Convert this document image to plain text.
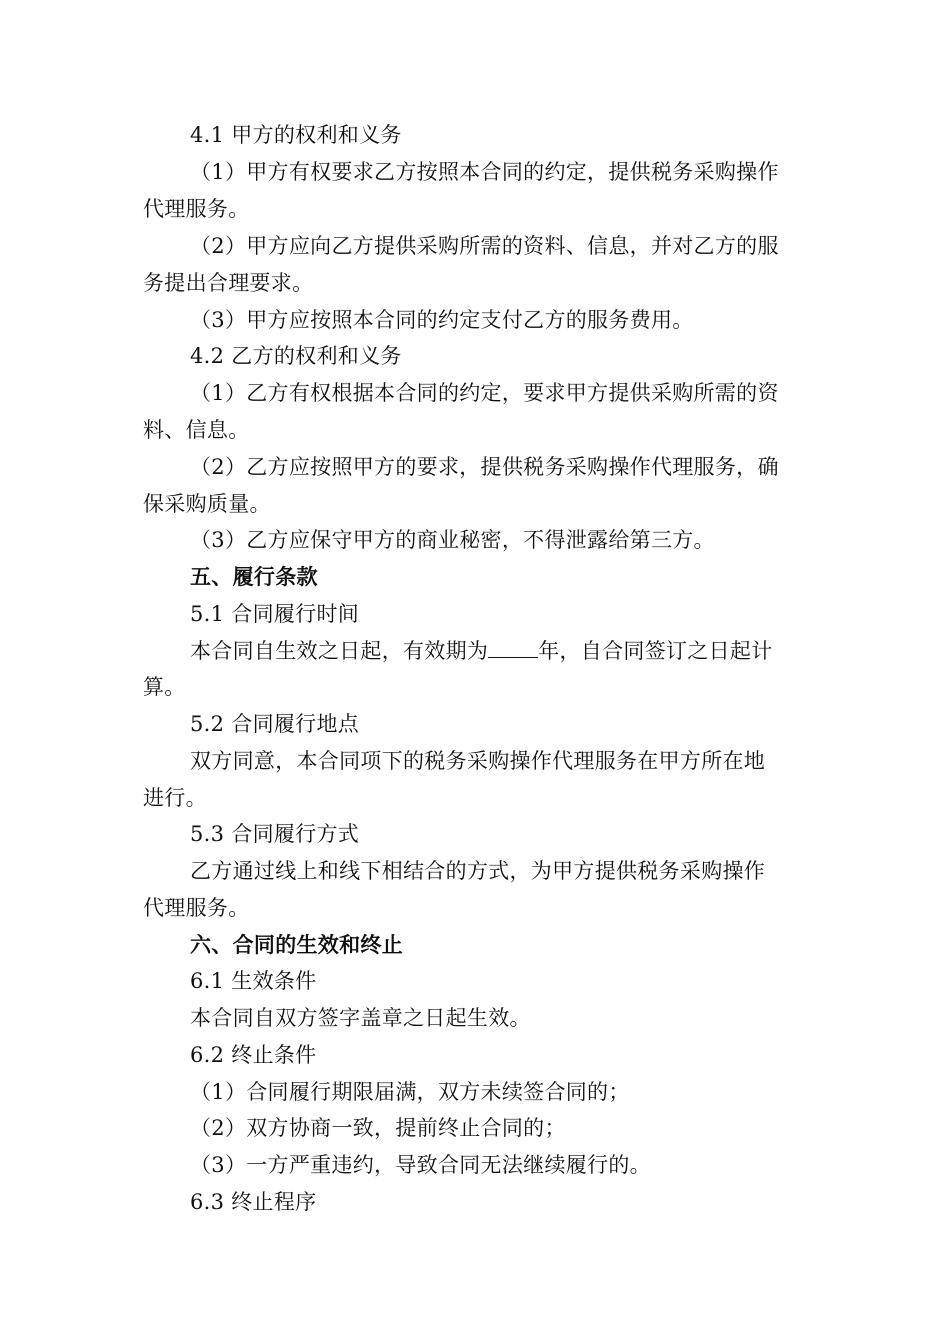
4.1 甲方的权利和义务
（1）甲方有权要求乙方按照本合同的约定，提供税务采购操作
代理服务。
（2）甲方应向乙方提供采购所需的资料、信息，并对乙方的服
务提出合理要求。
（3）甲方应按照本合同的约定支付乙方的服务费用。
4.2 乙方的权利和义务
（1）乙方有权根据本合同的约定，要求甲方提供采购所需的资
料、信息。
（2）乙方应按照甲方的要求，提供税务采购操作代理服务，确
保采购质量。
（3）乙方应保守甲方的商业秘密，不得泄露给第三方。
五、履行条款
5.1 合同履行时间
本合同自生效之日起，有效期为 年，自合同签订之日起计
算。
5.2 合同履行地点
双方同意，本合同项下的税务采购操作代理服务在甲方所在地
进行。
5.3 合同履行方式
乙方通过线上和线下相结合的方式，为甲方提供税务采购操作
代理服务。
六、合同的生效和终止
6.1 生效条件
本合同自双方签字盖章之日起生效。
6.2 终止条件
（1）合同履行期限届满，双方未续签合同的；
（2）双方协商一致，提前终止合同的；
（3）一方严重违约，导致合同无法继续履行的。
6.3 终止程序
